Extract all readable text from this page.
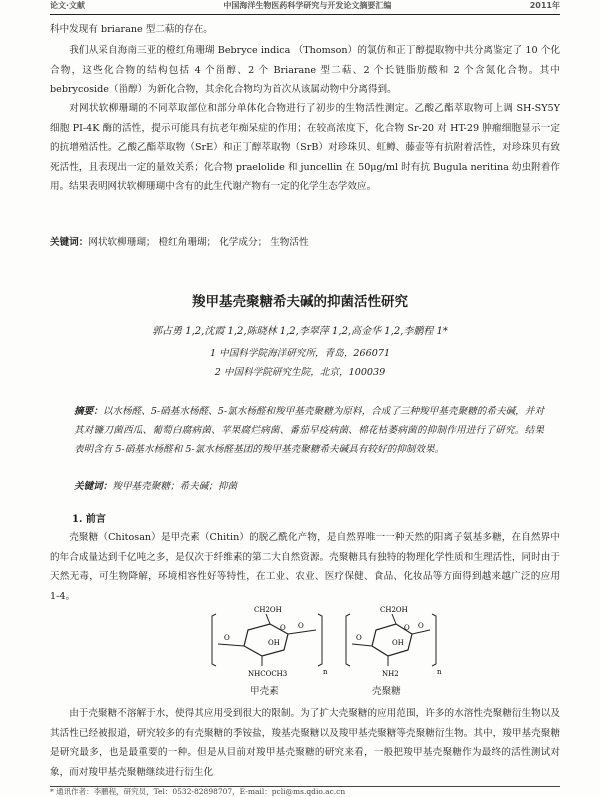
论文·文献	中国海洋生物医药科学研究与开发论文摘要汇编	2011年
科中发现有 briarane 型二萜的存在。
我们从采自海南三亚的橙红角珊瑚 Bebryce indica （Thomson）的氯仿和正丁醇提取物中共分离鉴定了 10 个化合物，这些化合物的结构包括 4 个甾醇、2 个 Briarane 型二萜、2 个长链脂肪酸和 2 个含氮化合物。其中 bebrycoside（甾醇）为新化合物，其余化合物均为首次从该属动物中分离得到。
对网状软柳珊瑚的不同萃取部位和部分单体化合物进行了初步的生物活性测定。乙酸乙酯萃取物可上调 SH-SY5Y 细胞 PI-4K 酶的活性，提示可能具有抗老年痴呆症的作用；在较高浓度下，化合物 Sr-20 对 HT-29 肿瘤细胞显示一定的抗增殖活性。乙酸乙酯萃取物（SrE）和正丁醇萃取物（SrB）对珍珠贝、虹鳟、藤壶等有抗附着活性，对珍珠贝有致死活性，且表现出一定的量效关系；化合物 praelolide 和 juncellin 在 50μg/ml 时有抗 Bugula neritina 幼虫附着作用。结果表明网状软柳珊瑚中含有的此生代谢产物有一定的化学生态学效应。
关键词：网状软柳珊瑚； 橙红角珊瑚； 化学成分； 生物活性
羧甲基壳聚糖希夫碱的抑菌活性研究
郭占勇 1,2,沈霞 1,2,陈晓林 1,2,李翠萍 1,2,高金华 1,2,李鹏程 1*
1 中国科学院海洋研究所，青岛，266071
2 中国科学院研究生院，北京，100039
摘要：以水杨醛、5-硝基水杨醛、5-氯水杨醛和羧甲基壳聚糖为原料，合成了三种羧甲基壳聚糖的希夫碱，并对其对镰刀菌西瓜、葡萄白腐病菌、苹果腐烂病菌、番茄早疫病菌、棉花枯萎病菌的抑制作用进行了研究。结果表明含有 5-硝基水杨醛和 5-氯水杨醛基团的羧甲基壳聚糖希夫碱具有较好的抑制效果。
关键词：羧甲基壳聚糖；希夫碱；抑菌
1. 前言
壳聚糖（Chitosan）是甲壳素（Chitin）的脱乙酰化产物，是自然界唯一一种天然的阳离子氨基多糖，在自然界中的年合成量达到千亿吨之多，是仅次于纤维素的第二大自然资源。壳聚糖具有独特的物理化学性质和生理活性，同时由于天然无毒，可生物降解，环境相容性好等特性，在工业、农业、医疗保健、食品、化妆品等方面得到越来越广泛的应用 1-4。
O
O
O
OH
CH2OH
NHCOCH3	n
O
O
O
OH
CH2OH
NH2	n
甲壳素	壳聚糖
由于壳聚糖不溶解于水，使得其应用受到很大的限制。为了扩大壳聚糖的应用范围，许多的水溶性壳聚糖衍生物以及其活性已经被报道，研究较多的有壳聚糖的季铵盐，羧基壳聚糖以及羧甲基壳聚糖等壳聚糖衍生物。其中，羧甲基壳聚糖是研究最多，也是最重要的一种。但是从目前对羧甲基壳聚糖的研究来看，一般把羧甲基壳聚糖作为最终的活性测试对象，而对羧甲基壳聚糖继续进行衍生化
* 通讯作者：李鹏程，研究员，Tel：0532-82898707，E-mail：pcli@ms.qdio.ac.cn
